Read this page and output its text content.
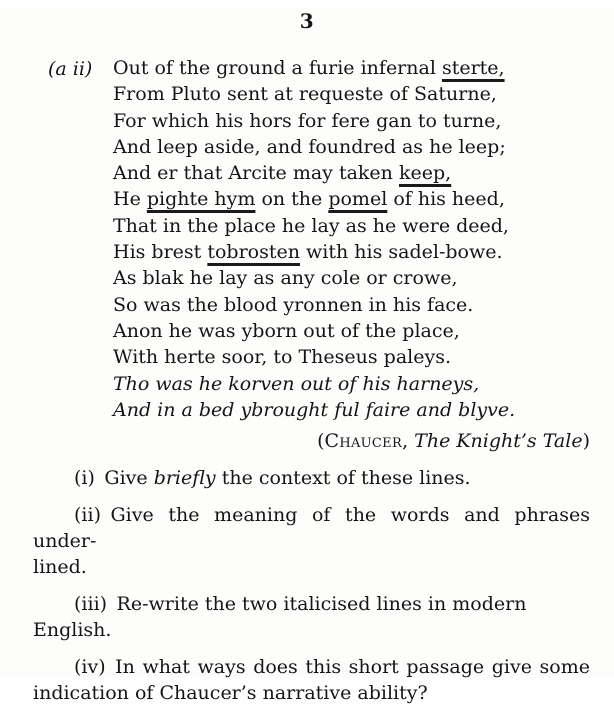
3
(a ii) Out of the ground a furie infernal sterte,
From Pluto sent at requeste of Saturne,
For which his hors for fere gan to turne,
And leep aside, and foundred as he leep;
And er that Arcite may taken keep,
He pighte hym on the pomel of his heed,
That in the place he lay as he were deed,
His brest tobrosten with his sadel-bowe.
As blak he lay as any cole or crowe,
So was the blood yronnen in his face.
Anon he was yborn out of the place,
With herte soor, to Theseus paleys.
Tho was he korven out of his harneys,
And in a bed ybrought ful faire and blyve.
(Chaucer, The Knight’s Tale)
(i) Give briefly the context of these lines.
(ii) Give the meaning of the words and phrases under-
lined.
(iii) Re-write the two italicised lines in modern English.
(iv) In what ways does this short passage give some
indication of Chaucer’s narrative ability?
